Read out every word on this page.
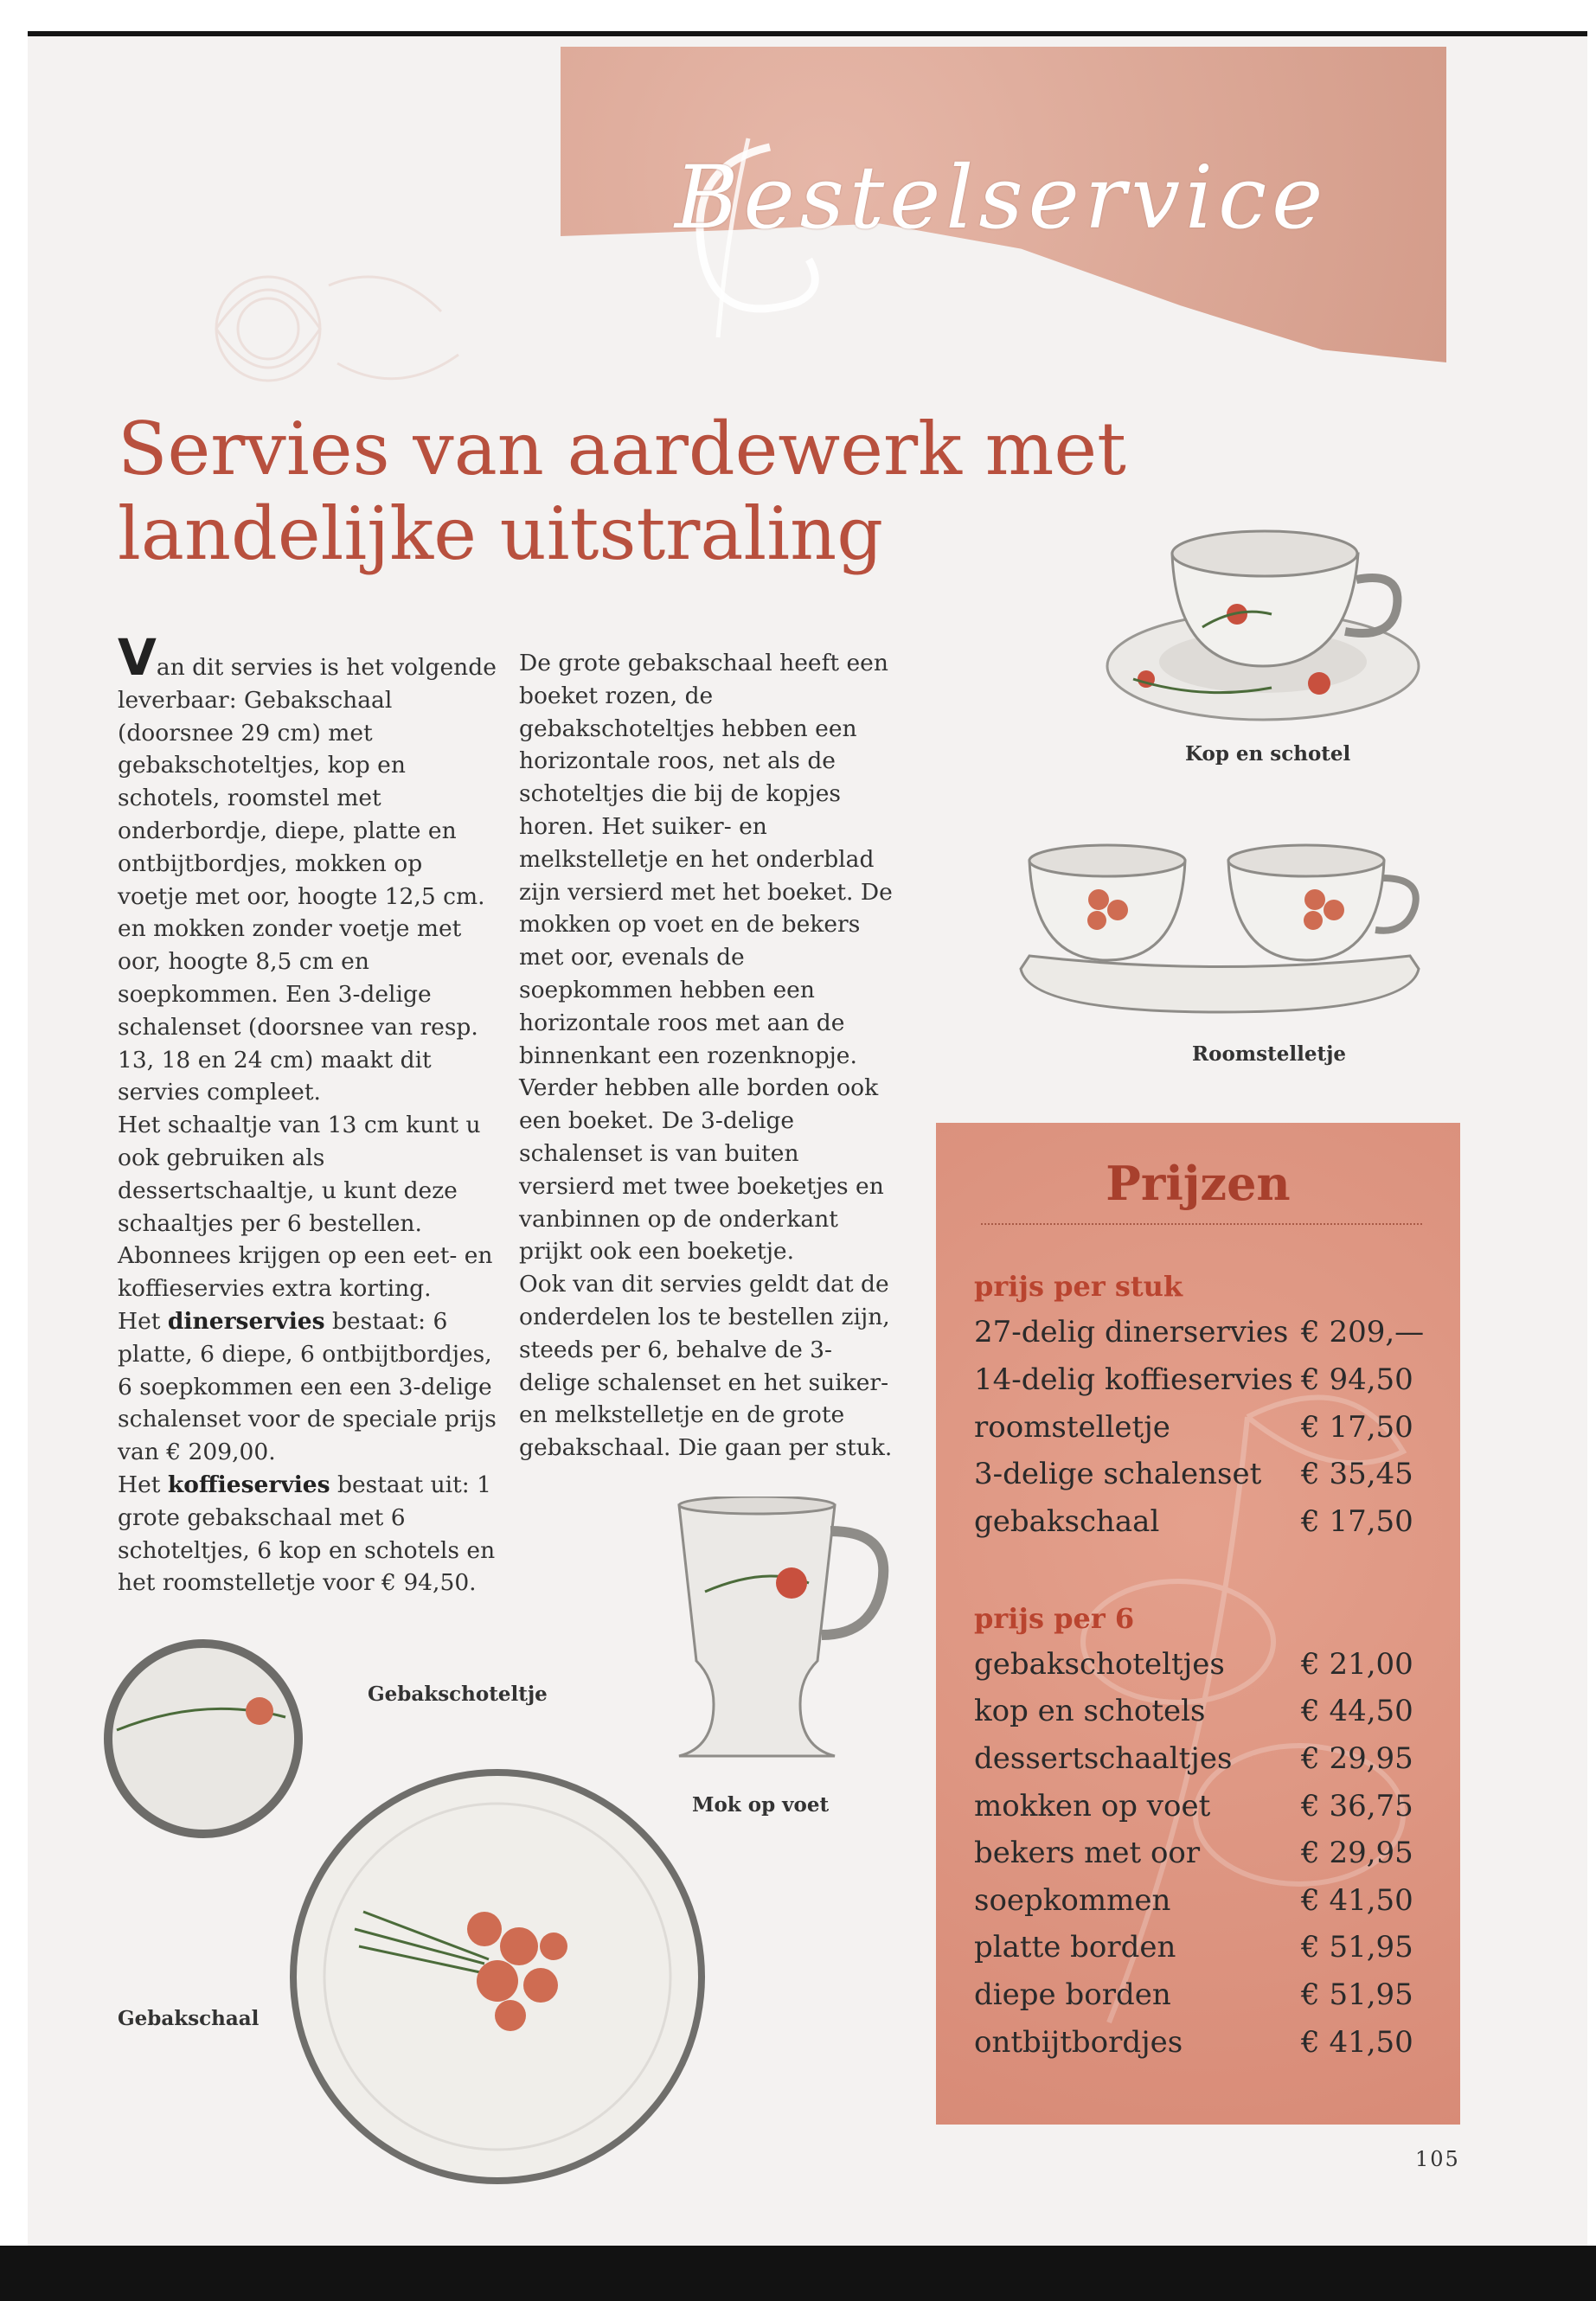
Bestelservice
Servies van aardewerk met
landelijke uitstraling

Van dit servies is het volgende leverbaar: Gebakschaal (doorsnee 29 cm) met gebakschoteltjes, kop en schotels, roomstel met onderbordje, diepe, platte en ontbijtbordjes, mokken op voetje met oor, hoogte 12,5 cm. en mokken zonder voetje met oor, hoogte 8,5 cm en soepkommen. Een 3-delige schalenset (doorsnee van resp. 13, 18 en 24 cm) maakt dit servies compleet.

Het schaaltje van 13 cm kunt u ook gebruiken als dessertschaaltje, u kunt deze schaaltjes per 6 bestellen. Abonnees krijgen op een eet- en koffieservies extra korting.

Het dinerservies bestaat: 6 platte, 6 diepe, 6 ontbijtbordjes, 6 soepkommen een een 3-delige schalenset voor de speciale prijs van € 209,00.

Het koffieservies bestaat uit: 1 grote gebakschaal met 6 schoteltjes, 6 kop en schotels en het roomstelletje voor € 94,50.

De grote gebakschaal heeft een boeket rozen, de gebakschoteltjes hebben een horizontale roos, net als de schoteltjes die bij de kopjes horen. Het suiker- en melkstelletje en het onderblad zijn versierd met het boeket. De mokken op voet en de bekers met oor, evenals de soepkommen hebben een horizontale roos met aan de binnenkant een rozenknopje. Verder hebben alle borden ook een boeket. De 3-delige schalenset is van buiten versierd met twee boeketjes en vanbinnen op de onderkant prijkt ook een boeketje.

Ook van dit servies geldt dat de onderdelen los te bestellen zijn, steeds per 6, behalve de 3-delige schalenset en het suiker- en melkstelletje en de grote gebakschaal. Die gaan per stuk.

Kop en schotel
Roomstelletje
Gebakschoteltje
Mok op voet
Gebakschaal
Prijzen
prijs per stuk
27-delig dinerservies € 209,—
14-delig koffieservies € 94,50
roomstelletje	€ 17,50
3-delige schalenset € 35,45
gebakschaal	€ 17,50
prijs per 6
gebakschoteltjes	€ 21,00
kop en schotels	€ 44,50
dessertschaaltjes € 29,95
mokken op voet	€ 36,75
bekers met oor	€ 29,95
soepkommen	€ 41,50
platte borden	€ 51,95
diepe borden	€ 51,95
ontbijtbordjes	€ 41,50
105
